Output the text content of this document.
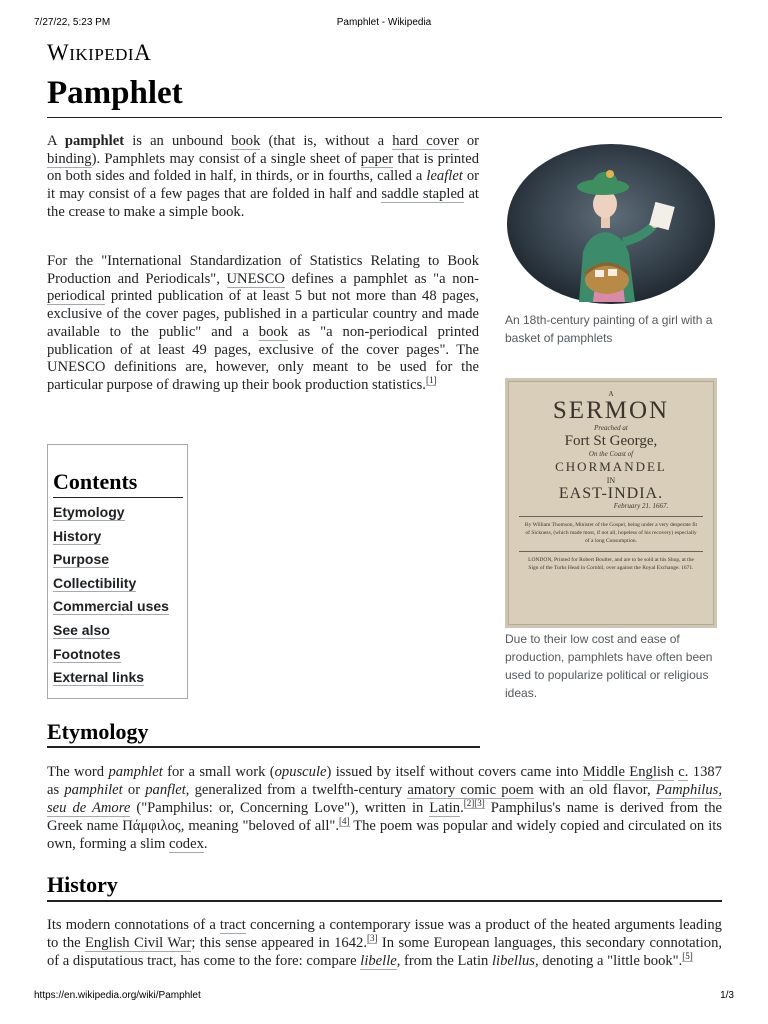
7/27/22, 5:23 PM	Pamphlet - Wikipedia
WIKIPEDIA
Pamphlet

A pamphlet is an unbound book (that is, without a hard cover or binding). Pamphlets may consist of a single sheet of paper that is printed on both sides and folded in half, in thirds, or in fourths, called a leaflet or it may consist of a few pages that are folded in half and saddle stapled at the crease to make a simple book.

For the "International Standardization of Statistics Relating to Book Production and Periodicals", UNESCO defines a pamphlet as "a non-periodical printed publication of at least 5 but not more than 48 pages, exclusive of the cover pages, published in a particular country and made available to the public" and a book as "a non-periodical printed publication of at least 49 pages, exclusive of the cover pages". The UNESCO definitions are, however, only meant to be used for the particular purpose of drawing up their book production statistics.[1]

An 18th-century painting of a girl with a basket of pamphlets
A
SERMON
Preached at
Fort St George,
On the Coast of
CHORMANDEL
IN
EAST-INDIA.
February 21. 1667.
By William Thomson, Minister of the Gospel, being under a very desperate fit of Sickness, (which made most, if not all, hopeless of his recovery) especially of a long Consumption.
LONDON, Printed for Robert Boulter, and are to be sold at his Shop, at the Sign of the Turks Head in Cornhil, over against the Royal Exchange. 1671.
Due to their low cost and ease of production, pamphlets have often been used to popularize political or religious ideas.
Contents
Etymology
History
Purpose
Collectibility
Commercial uses
See also
Footnotes
External links
Etymology

The word pamphlet for a small work (opuscule) issued by itself without covers came into Middle English c. 1387 as pamphilet or panflet, generalized from a twelfth-century amatory comic poem with an old flavor, Pamphilus, seu de Amore ("Pamphilus: or, Concerning Love"), written in Latin.[2][3] Pamphilus's name is derived from the Greek name Πάμφιλος, meaning "beloved of all".[4] The poem was popular and widely copied and circulated on its own, forming a slim codex.

History

Its modern connotations of a tract concerning a contemporary issue was a product of the heated arguments leading to the English Civil War; this sense appeared in 1642.[3] In some European languages, this secondary connotation, of a disputatious tract, has come to the fore: compare libelle, from the Latin libellus, denoting a "little book".[5]

https://en.wikipedia.org/wiki/Pamphlet	1/3
